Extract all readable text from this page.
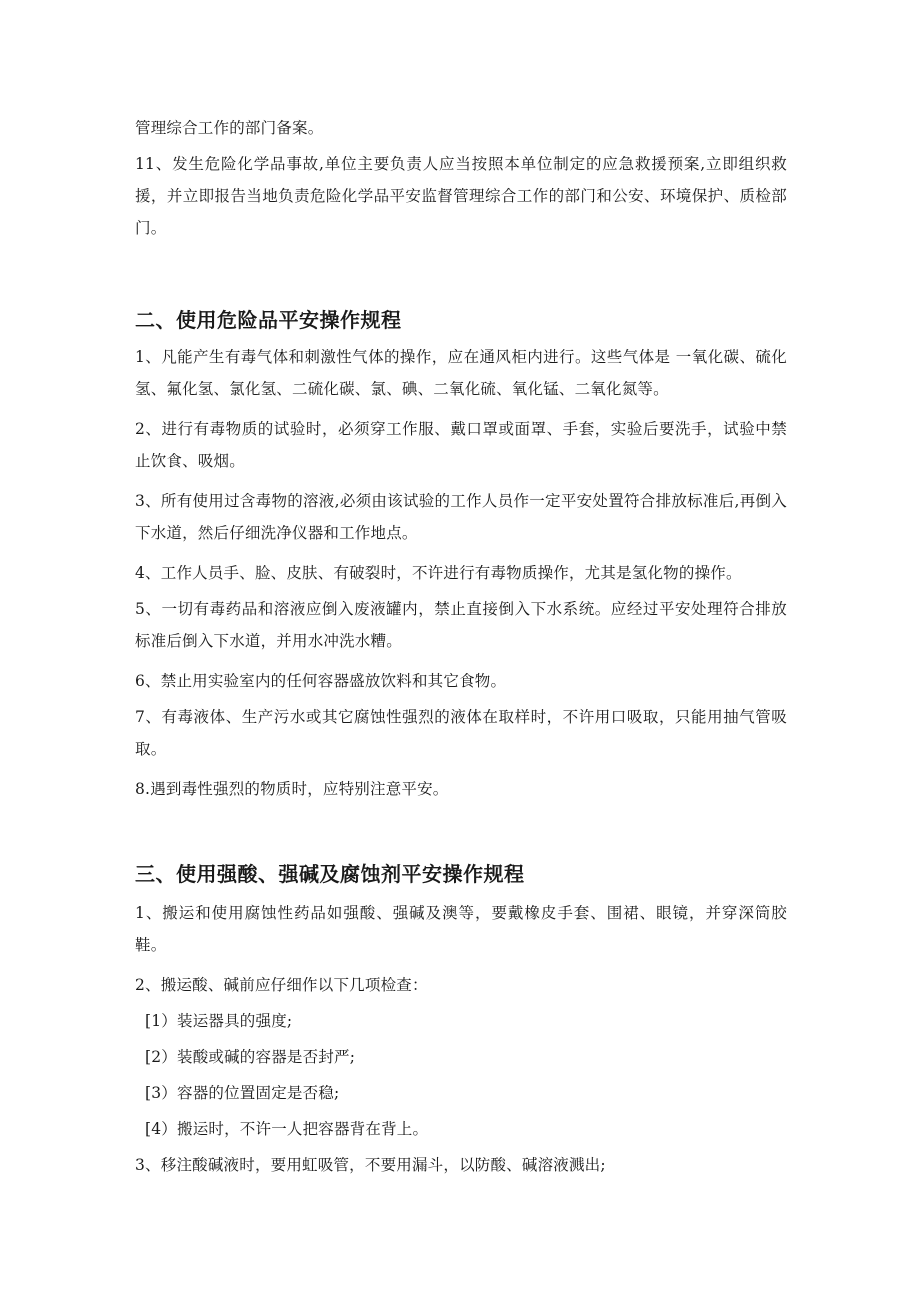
管理综合工作的部门备案。

11、发生危险化学品事故,单位主要负责人应当按照本单位制定的应急救援预案,立即组织救援，并立即报告当地负责危险化学品平安监督管理综合工作的部门和公安、环境保护、质检部门。

二、使用危险品平安操作规程

1、凡能产生有毒气体和刺激性气体的操作，应在通风柜内进行。这些气体是 一氧化碳、硫化氢、氟化氢、氯化氢、二硫化碳、氯、碘、二氧化硫、氧化锰、二氧化氮等。

2、进行有毒物质的试验时，必须穿工作服、戴口罩或面罩、手套，实验后要洗手，试验中禁止饮食、吸烟。

3、所有使用过含毒物的溶液,必须由该试验的工作人员作一定平安处置符合排放标准后,再倒入下水道，然后仔细洗净仪器和工作地点。

4、工作人员手、脸、皮肤、有破裂时，不许进行有毒物质操作，尤其是氢化物的操作。

5、一切有毒药品和溶液应倒入废液罐内，禁止直接倒入下水系统。应经过平安处理符合排放标准后倒入下水道，并用水冲洗水糟。

6、禁止用实验室内的任何容器盛放饮料和其它食物。

7、有毒液体、生产污水或其它腐蚀性强烈的液体在取样时，不许用口吸取，只能用抽气管吸取。

8.遇到毒性强烈的物质时，应特别注意平安。

三、使用强酸、强碱及腐蚀剂平安操作规程

1、搬运和使用腐蚀性药品如强酸、强碱及澳等，要戴橡皮手套、围裙、眼镜，并穿深筒胶鞋。

2、搬运酸、碱前应仔细作以下几项检查：

[1）装运器具的强度;

[2）装酸或碱的容器是否封严;

[3）容器的位置固定是否稳;

[4）搬运时，不许一人把容器背在背上。

3、移注酸碱液时，要用虹吸管，不要用漏斗，以防酸、碱溶液溅出;
